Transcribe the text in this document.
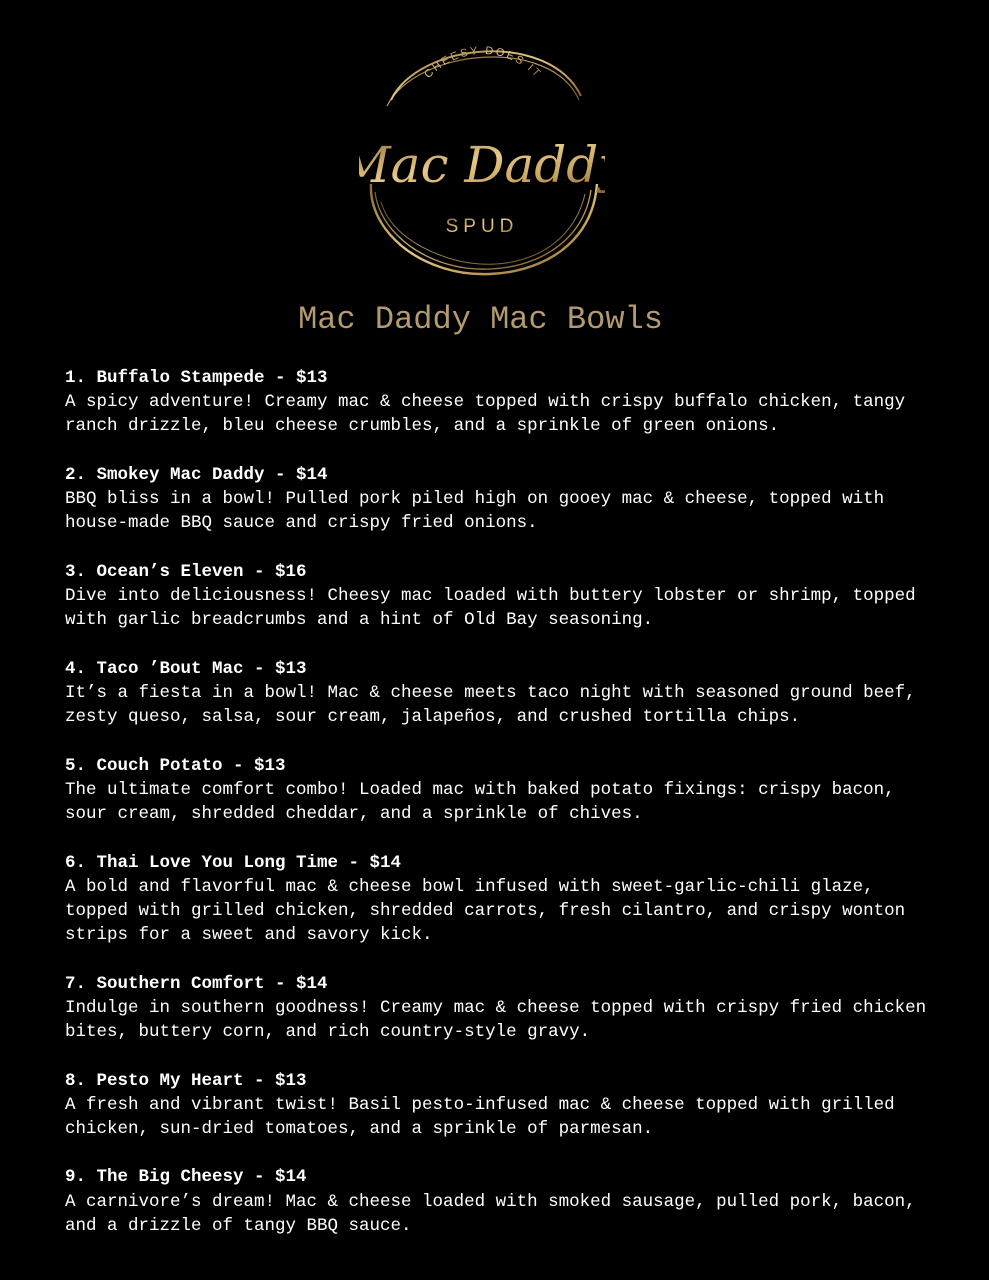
CHEESY DOES IT
ac Dadd
SPUD
Mac Daddy Mac Bowls
1. Buffalo Stampede - $13
A spicy adventure! Creamy mac & cheese topped with crispy buffalo chicken, tangy
ranch drizzle, bleu cheese crumbles, and a sprinkle of green onions.
2. Smokey Mac Daddy - $14
BBQ bliss in a bowl! Pulled pork piled high on gooey mac & cheese, topped with
house-made BBQ sauce and crispy fried onions.
3. Ocean’s Eleven - $16
Dive into deliciousness! Cheesy mac loaded with buttery lobster or shrimp, topped
with garlic breadcrumbs and a hint of Old Bay seasoning.
4. Taco ’Bout Mac - $13
It’s a fiesta in a bowl! Mac & cheese meets taco night with seasoned ground beef,
zesty queso, salsa, sour cream, jalapeños, and crushed tortilla chips.
5. Couch Potato - $13
The ultimate comfort combo! Loaded mac with baked potato fixings: crispy bacon,
sour cream, shredded cheddar, and a sprinkle of chives.
6. Thai Love You Long Time - $14
A bold and flavorful mac & cheese bowl infused with sweet-garlic-chili glaze,
topped with grilled chicken, shredded carrots, fresh cilantro, and crispy wonton
strips for a sweet and savory kick.
7. Southern Comfort - $14
Indulge in southern goodness! Creamy mac & cheese topped with crispy fried chicken
bites, buttery corn, and rich country-style gravy.
8. Pesto My Heart - $13
A fresh and vibrant twist! Basil pesto-infused mac & cheese topped with grilled
chicken, sun-dried tomatoes, and a sprinkle of parmesan.
9. The Big Cheesy - $14
A carnivore’s dream! Mac & cheese loaded with smoked sausage, pulled pork, bacon,
and a drizzle of tangy BBQ sauce.
